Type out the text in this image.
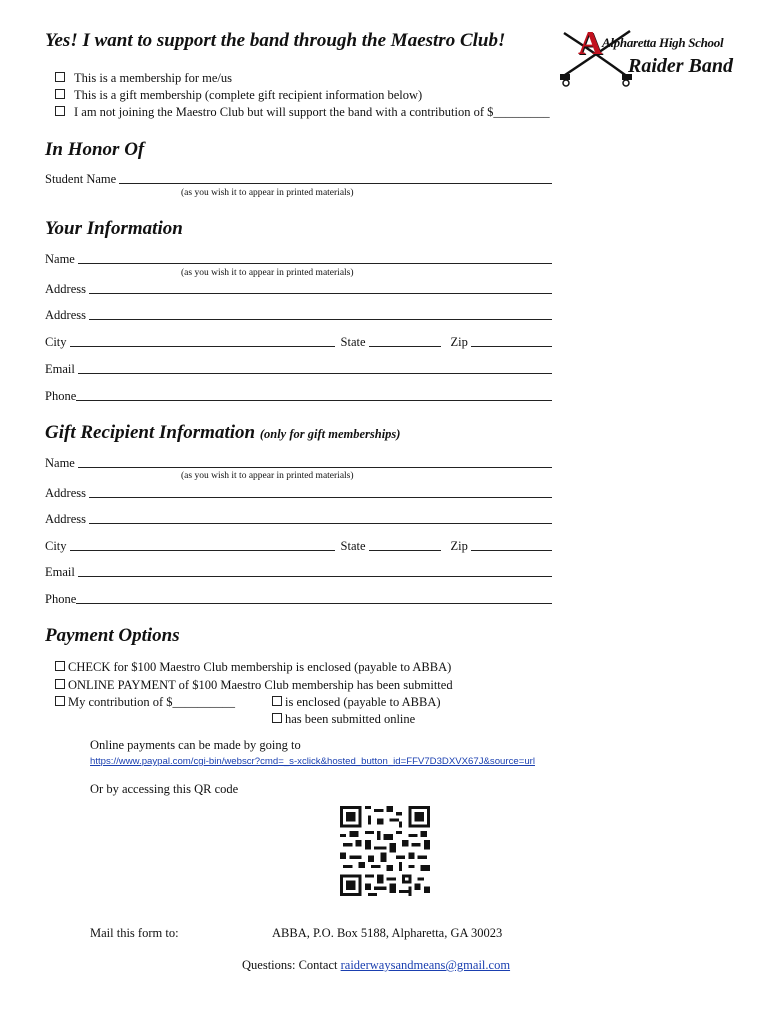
Yes! I want to support the band through the Maestro Club! A Alpharetta High School
Raider Band
This is a membership for me/us
This is a gift membership (complete gift recipient information below)
I am not joining the Maestro Club but will support the band with a contribution of $_________
In Honor Of
Student Name
(as you wish it to appear in printed materials)
Your Information
Name
(as you wish it to appear in printed materials)
Address
Address
City	State	Zip
Email
Phone
Gift Recipient Information (only for gift memberships)
Name
(as you wish it to appear in printed materials)
Address
Address
City	State	Zip
Email
Phone
Payment Options
CHECK for $100 Maestro Club membership is enclosed (payable to ABBA)
ONLINE PAYMENT of $100 Maestro Club membership has been submitted
My contribution of $__________	is enclosed (payable to ABBA)
has been submitted online
Online payments can be made by going to
https://www.paypal.com/cgi-bin/webscr?cmd=_s-xclick&hosted_button_id=FFV7D3DXVX67J&source=url
Or by accessing this QR code
Mail this form to:	ABBA, P.O. Box 5188, Alpharetta, GA 30023
Questions: Contact raiderwaysandmeans@gmail.com
